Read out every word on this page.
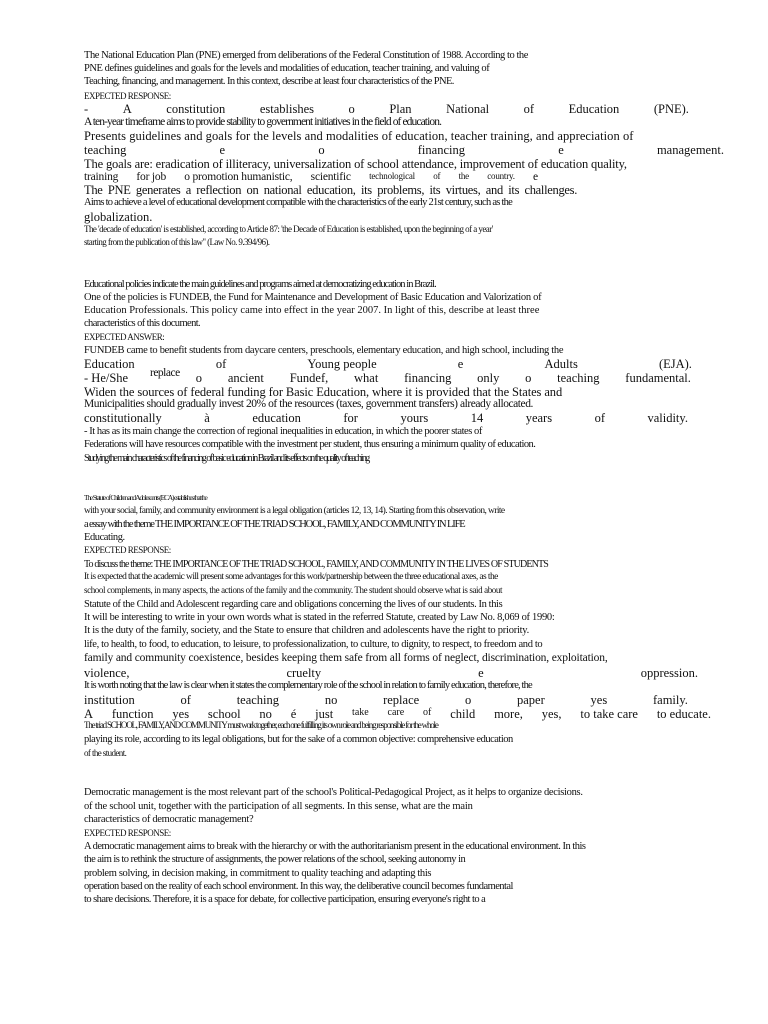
The National Education Plan (PNE) emerged from deliberations of the Federal Constitution of 1988. According to the
PNE defines guidelines and goals for the levels and modalities of education, teacher training, and valuing of
Teaching, financing, and management. In this context, describe at least four characteristics of the PNE.
EXPECTED RESPONSE:
-	A	constitution	establishes	o	Plan	National	of	Education	(PNE).
A ten-year timeframe aims to provide stability to government initiatives in the field of education.
Presents guidelines and goals for the levels and modalities of education, teacher training, and appreciation of
teaching	e	o	financing	e	management.
The goals are: eradication of illiteracy, universalization of school attendance, improvement of education quality,
training for job o promotion humanistic, scientific technological of the country. e
The PNE generates a reflection on national education, its problems, its virtues, and its challenges.
Aims to achieve a level of educational development compatible with the characteristics of the early 21st century, such as the
globalization.
The 'decade of education' is established, according to Article 87: 'the Decade of Education is established, upon the beginning of a year'
starting from the publication of this law" (Law No. 9.394/96).
Educational policies indicate the main guidelines and programs aimed at democratizing education in Brazil.
One of the policies is FUNDEB, the Fund for Maintenance and Development of Basic Education and Valorization of
Education Professionals. This policy came into effect in the year 2007. In light of this, describe at least three
characteristics of this document.
EXPECTED ANSWER:
FUNDEB came to benefit students from daycare centers, preschools, elementary education, and high school, including the
Education	of	Young people	e	Adults	(EJA).
- He/She replace o ancient Fundef, what financing only o teaching fundamental.
Widen the sources of federal funding for Basic Education, where it is provided that the States and
Municipalities should gradually invest 20% of the resources (taxes, government transfers) already allocated.
constitutionally	à	education	for	yours	14	years	of	validity.
- It has as its main change the correction of regional inequalities in education, in which the poorer states of
Federations will have resources compatible with the investment per student, thus ensuring a minimum quality of education.
Studying the main characteristics of the financing of basic education in Brazil and its effects on the quality of teaching
The Statute of Children and Adolescents (ECA) establishes that the
with your social, family, and community environment is a legal obligation (articles 12, 13, 14). Starting from this observation, write
a essay with the theme THE IMPORTANCE OF THE TRIAD SCHOOL, FAMILY, AND COMMUNITY IN LIFE
Educating.
EXPECTED RESPONSE:
To discuss the theme: THE IMPORTANCE OF THE TRIAD SCHOOL, FAMILY, AND COMMUNITY IN THE LIVES OF STUDENTS
It is expected that the academic will present some advantages for this work/partnership between the three educational axes, as the
school complements, in many aspects, the actions of the family and the community. The student should observe what is said about
Statute of the Child and Adolescent regarding care and obligations concerning the lives of our students. In this
It will be interesting to write in your own words what is stated in the referred Statute, created by Law No. 8,069 of 1990:
It is the duty of the family, society, and the State to ensure that children and adolescents have the right to priority.
life, to health, to food, to education, to leisure, to professionalization, to culture, to dignity, to respect, to freedom and to
family and community coexistence, besides keeping them safe from all forms of neglect, discrimination, exploitation,
violence,	cruelty	e	oppression.
It is worth noting that the law is clear when it states the complementary role of the school in relation to family education, therefore, the
institution	of	teaching	no	replace	o	paper	yes	family.
A function yes school no é just take care of child more, yes, to take care to educate.
The triad SCHOOL, FAMILY, AND COMMUNITY must work together, each one fulfilling its own role and being responsible for the whole
playing its role, according to its legal obligations, but for the sake of a common objective: comprehensive education
of the student.
Democratic management is the most relevant part of the school's Political-Pedagogical Project, as it helps to organize decisions.
of the school unit, together with the participation of all segments. In this sense, what are the main
characteristics of democratic management?
EXPECTED RESPONSE:
A democratic management aims to break with the hierarchy or with the authoritarianism present in the educational environment. In this
the aim is to rethink the structure of assignments, the power relations of the school, seeking autonomy in
problem solving, in decision making, in commitment to quality teaching and adapting this
operation based on the reality of each school environment. In this way, the deliberative council becomes fundamental
to share decisions. Therefore, it is a space for debate, for collective participation, ensuring everyone's right to a
